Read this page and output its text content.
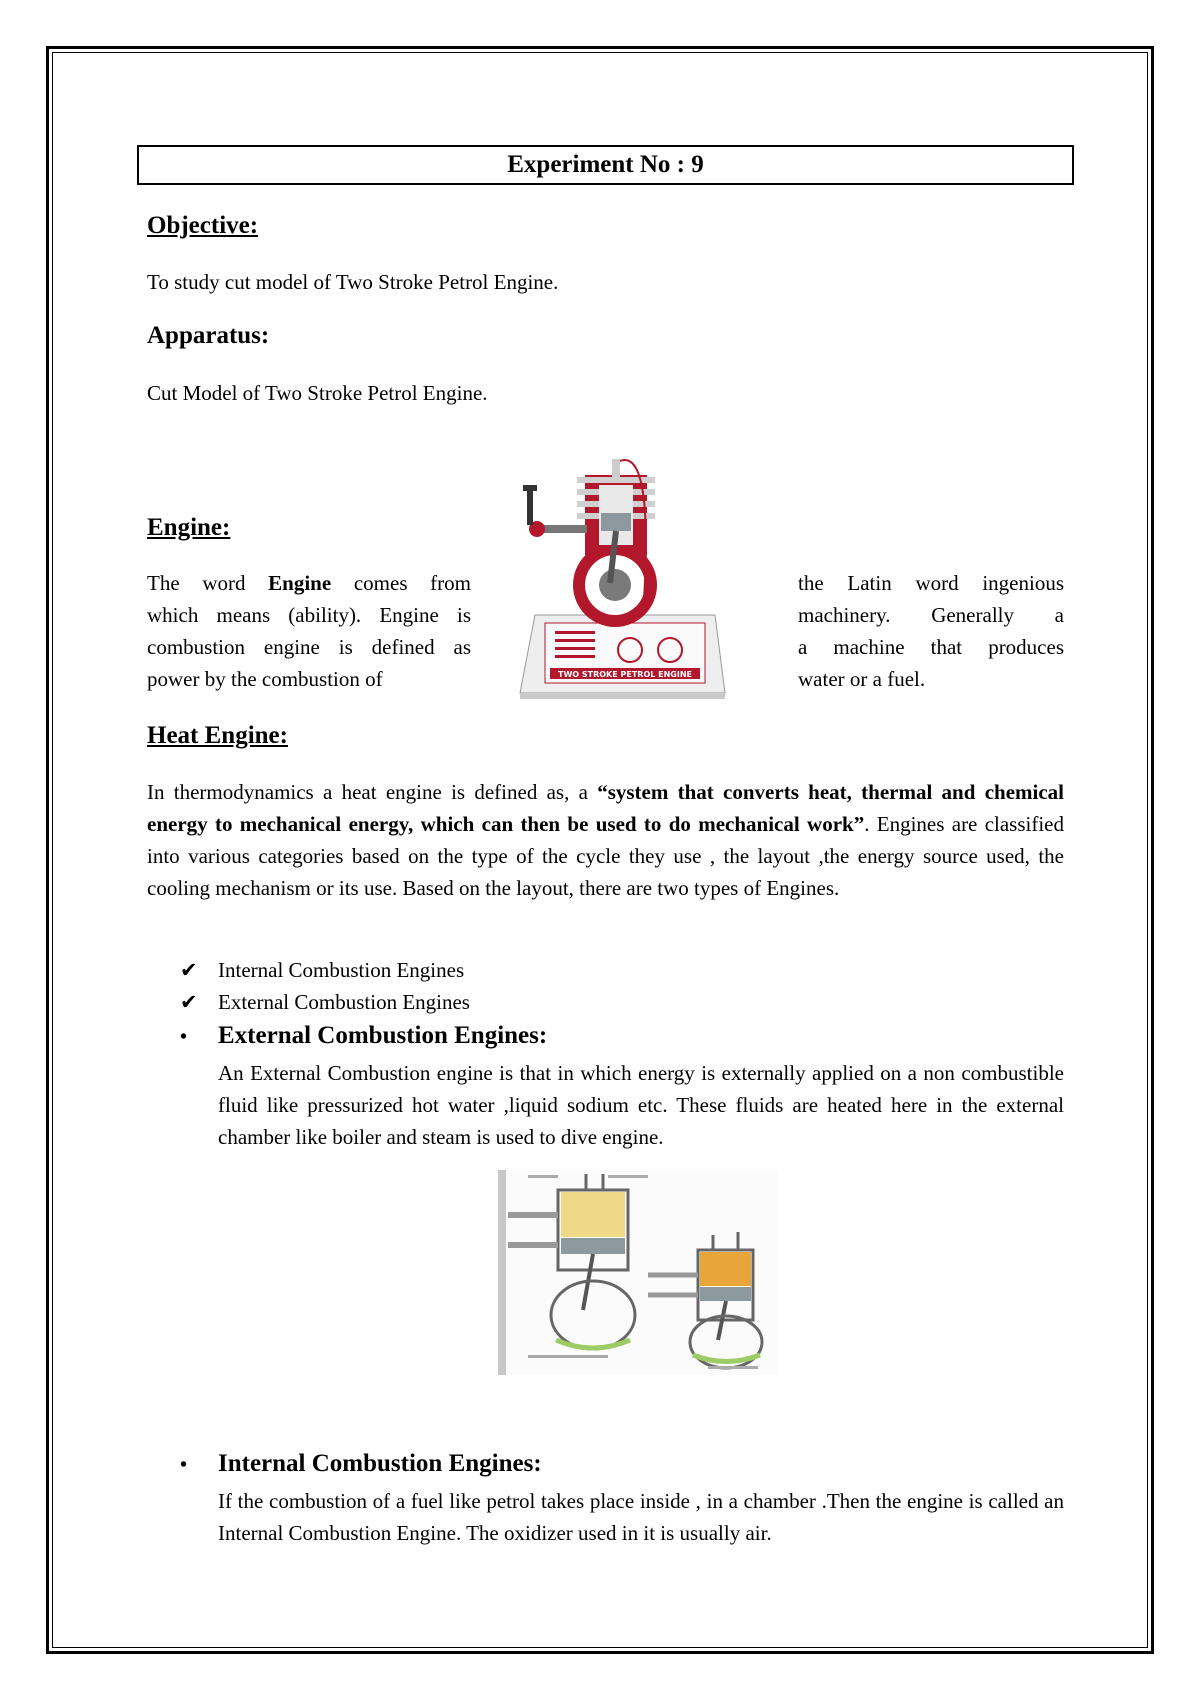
Experiment No : 9
Objective:
To study cut model of Two Stroke Petrol Engine.
Apparatus:
Cut Model of Two Stroke Petrol Engine.
Engine:
The word Engine comes from
which means (ability). Engine is
combustion engine is defined as
power by the combustion of
the Latin word ingenious
machinery. Generally a
a machine that produces
water or a fuel.
TWO STROKE PETROL ENGINE
Heat Engine:
In thermodynamics a heat engine is defined as, a “system that converts heat, thermal and chemical energy to mechanical energy, which can then be used to do mechanical work”. Engines are classified into various categories based on the type of the cycle they use , the layout ,the energy source used, the cooling mechanism or its use. Based on the layout, there are two types of Engines.
✔ Internal Combustion Engines
✔ External Combustion Engines
• External Combustion Engines:
An External Combustion engine is that in which energy is externally applied on a non combustible fluid like pressurized hot water ,liquid sodium etc. These fluids are heated here in the external chamber like boiler and steam is used to dive engine.
• Internal Combustion Engines:
If the combustion of a fuel like petrol takes place inside , in a chamber .Then the engine is called an Internal Combustion Engine. The oxidizer used in it is usually air.
